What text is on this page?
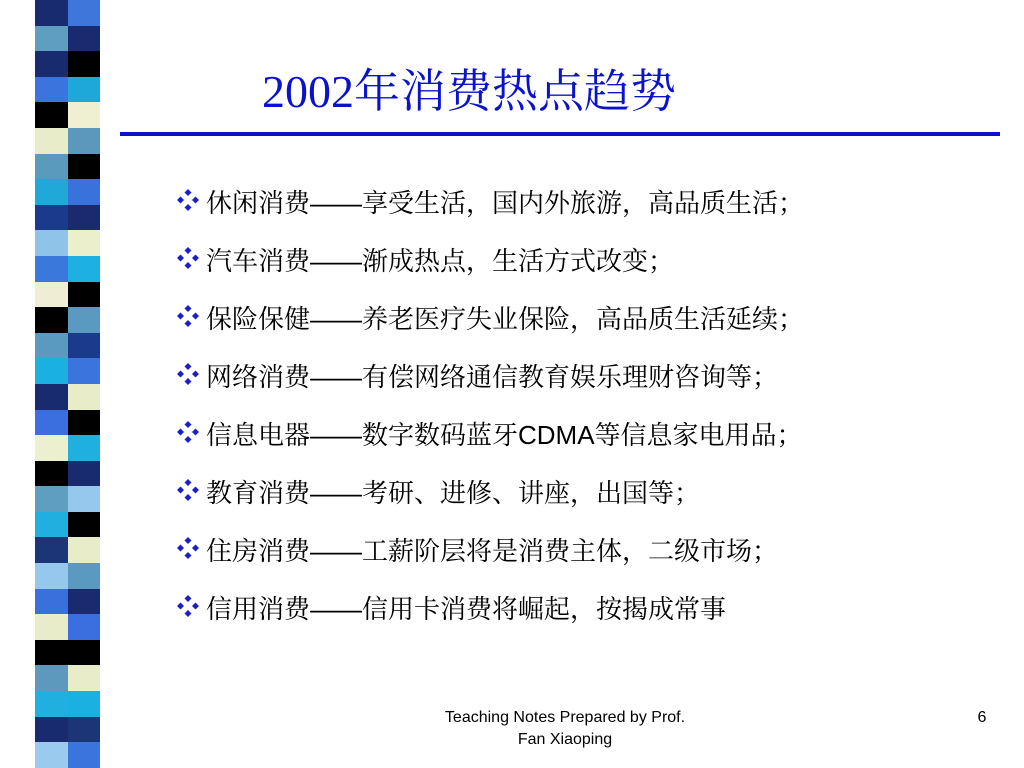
2002年消费热点趋势
休闲消费——享受生活，国内外旅游，高品质生活；
汽车消费——渐成热点，生活方式改变；
保险保健——养老医疗失业保险，高品质生活延续；
网络消费——有偿网络通信教育娱乐理财咨询等；
信息电器——数字数码蓝牙CDMA等信息家电用品；
教育消费——考研、进修、讲座，出国等；
住房消费——工薪阶层将是消费主体，二级市场；
信用消费——信用卡消费将崛起，按揭成常事
Teaching Notes Prepared by Prof.
Fan Xiaoping
6
